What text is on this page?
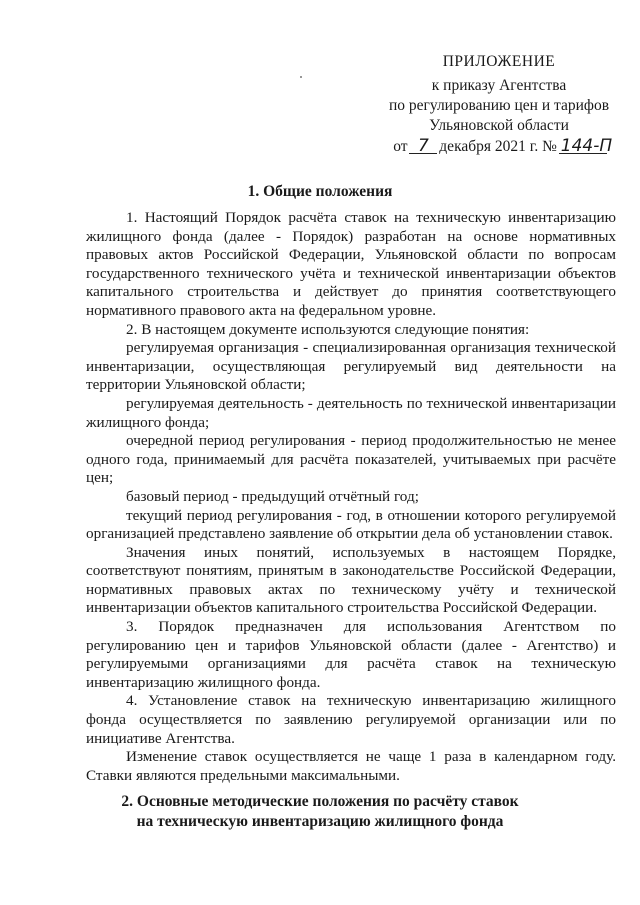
ПРИЛОЖЕНИЕ
к приказу Агентства
по регулированию цен и тарифов
Ульяновской области
от 7 декабря 2021 г. № 144-П
1. Общие положения

1. Настоящий Порядок расчёта ставок на техническую инвентаризацию жилищного фонда (далее - Порядок) разработан на основе нормативных правовых актов Российской Федерации, Ульяновской области по вопросам государственного технического учёта и технической инвентаризации объектов капитального строительства и действует до принятия соответствующего нормативного правового акта на федеральном уровне.

2. В настоящем документе используются следующие понятия:

регулируемая организация - специализированная организация технической инвентаризации, осуществляющая регулируемый вид деятельности на территории Ульяновской области;

регулируемая деятельность - деятельность по технической инвентаризации жилищного фонда;

очередной период регулирования - период продолжительностью не менее одного года, принимаемый для расчёта показателей, учитываемых при расчёте цен;

базовый период - предыдущий отчётный год;

текущий период регулирования - год, в отношении которого регулируемой организацией представлено заявление об открытии дела об установлении ставок.

Значения иных понятий, используемых в настоящем Порядке, соответствуют понятиям, принятым в законодательстве Российской Федерации, нормативных правовых актах по техническому учёту и технической инвентаризации объектов капитального строительства Российской Федерации.

3. Порядок предназначен для использования Агентством по регулированию цен и тарифов Ульяновской области (далее - Агентство) и регулируемыми организациями для расчёта ставок на техническую инвентаризацию жилищного фонда.

4. Установление ставок на техническую инвентаризацию жилищного фонда осуществляется по заявлению регулируемой организации или по инициативе Агентства.

Изменение ставок осуществляется не чаще 1 раза в календарном году. Ставки являются предельными максимальными.

2. Основные методические положения по расчёту ставок
на техническую инвентаризацию жилищного фонда
